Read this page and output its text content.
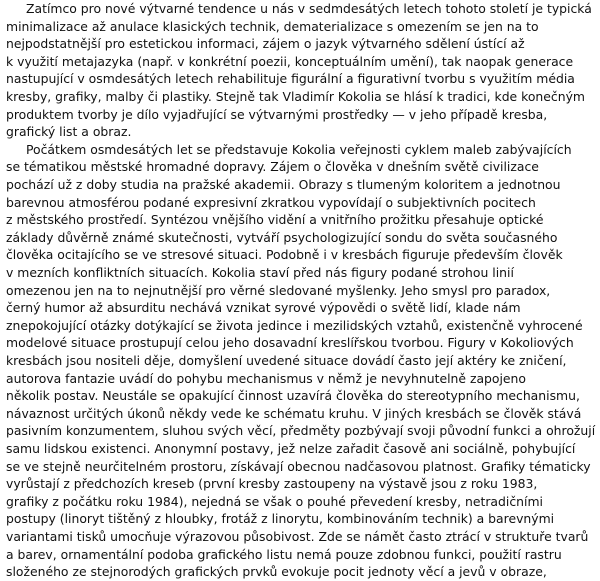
Zatímco pro nové výtvarné tendence u nás v sedmdesátých letech tohoto století je typická
minimalizace až anulace klasických technik, dematerializace s omezením se jen na to
nejpodstatnější pro estetickou informaci, zájem o jazyk výtvarného sdělení ústící až
k využití metajazyka (např. v konkrétní poezii, konceptuálním umění), tak naopak generace
nastupující v osmdesátých letech rehabilituje figurální a figurativní tvorbu s využitím média
kresby, grafiky, malby či plastiky. Stejně tak Vladimír Kokolia se hlásí k tradici, kde konečným
produktem tvorby je dílo vyjadřující se výtvarnými prostředky — v jeho případě kresba,
grafický list a obraz.
Počátkem osmdesátých let se představuje Kokolia veřejnosti cyklem maleb zabývajících
se tématikou městské hromadné dopravy. Zájem o člověka v dnešním světě civilizace
pochází už z doby studia na pražské akademii. Obrazy s tlumeným koloritem a jednotnou
barevnou atmosférou podané expresivní zkratkou vypovídají o subjektivních pocitech
z městského prostředí. Syntézou vnějšího vidění a vnitřního prožitku přesahuje optické
základy důvěrně známé skutečnosti, vytváří psychologizující sondu do světa současného
člověka ocitajícího se ve stresové situaci. Podobně i v kresbách figuruje především člověk
v mezních konfliktních situacích. Kokolia staví před nás figury podané strohou linií
omezenou jen na to nejnutnější pro věrné sledované myšlenky. Jeho smysl pro paradox,
černý humor až absurditu nechává vznikat syrové výpovědi o světě lidí, klade nám
znepokojující otázky dotýkající se života jedince i mezilidských vztahů, existenčně vyhrocené
modelové situace prostupují celou jeho dosavadní kreslířskou tvorbou. Figury v Kokoliových
kresbách jsou nositeli děje, domyšlení uvedené situace dovádí často její aktéry ke zničení,
autorova fantazie uvádí do pohybu mechanismus v němž je nevyhnutelně zapojeno
několik postav. Neustále se opakující činnost uzavírá člověka do stereotypního mechanismu,
návaznost určitých úkonů někdy vede ke schématu kruhu. V jiných kresbách se člověk stává
pasivním konzumentem, sluhou svých věcí, předměty pozbývají svoji původní funkci a ohrožují
samu lidskou existenci. Anonymní postavy, jež nelze zařadit časově ani sociálně, pohybující
se ve stejně neurčitelném prostoru, získávají obecnou nadčasovou platnost. Grafiky tématicky
vyrůstají z předchozích kreseb (první kresby zastoupeny na výstavě jsou z roku 1983,
grafiky z počátku roku 1984), nejedná se však o pouhé převedení kresby, netradičními
postupy (linoryt tištěný z hloubky, frotáž z linorytu, kombinováním technik) a barevnými
variantami tisků umocňuje výrazovou působivost. Zde se námět často ztrácí v struktuře tvarů
a barev, ornamentální podoba grafického listu nemá pouze zdobnou funkci, použití rastru
složeného ze stejnorodých grafických prvků evokuje pocit jednoty věcí a jevů v obraze,
